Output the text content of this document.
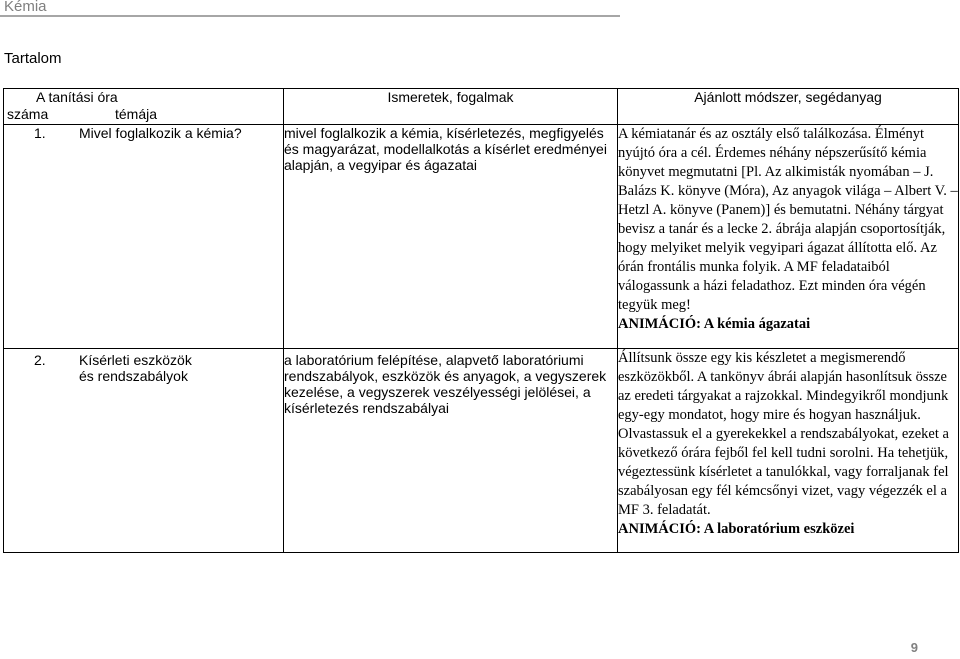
Kémia
Tartalom
A tanítási óra
száma témája	Ismeretek, fogalmak	Ajánlott módszer, segédanyag

1. Mivel foglalkozik a kémia?	mivel foglalkozik a kémia, kísérletezés, megfigyelés és magyarázat, modellalkotás a kísérlet eredményei alapján, a vegyipar és ágazatai	A kémiatanár és az osztály első találkozása. Élményt nyújtó óra a cél. Érdemes néhány népszerűsítő kémia könyvet megmutatni [Pl. Az alkimisták nyomában – J. Balázs K. könyve (Móra), Az anyagok világa – Albert V. – Hetzl A. könyve (Panem)] és bemutatni. Néhány tárgyat bevisz a tanár és a lecke 2. ábrája alapján csoportosítják, hogy melyiket melyik vegyipari ágazat állította elő. Az órán frontális munka folyik. A MF feladataiból válogassunk a házi feladathoz. Ezt minden óra végén tegyük meg!
ANIMÁCIÓ: A kémia ágazatai

2. Kísérleti eszközök és rendszabályok	a laboratórium felépítése, alapvető laboratóriumi rendszabályok, eszközök és anyagok, a vegyszerek kezelése, a vegyszerek veszélyességi jelölései, a kísérletezés rendszabályai	Állítsunk össze egy kis készletet a megismerendő eszközökből. A tankönyv ábrái alapján hasonlítsuk össze az eredeti tárgyakat a rajzokkal. Mindegyikről mondjunk egy-egy mondatot, hogy mire és hogyan használjuk. Olvastassuk el a gyerekekkel a rendszabályokat, ezeket a következő órára fejből fel kell tudni sorolni. Ha tehetjük, végeztessünk kísérletet a tanulókkal, vagy forraljanak fel szabályosan egy fél kémcsőnyi vizet, vagy végezzék el a MF 3. feladatát.
ANIMÁCIÓ: A laboratórium eszközei
9
